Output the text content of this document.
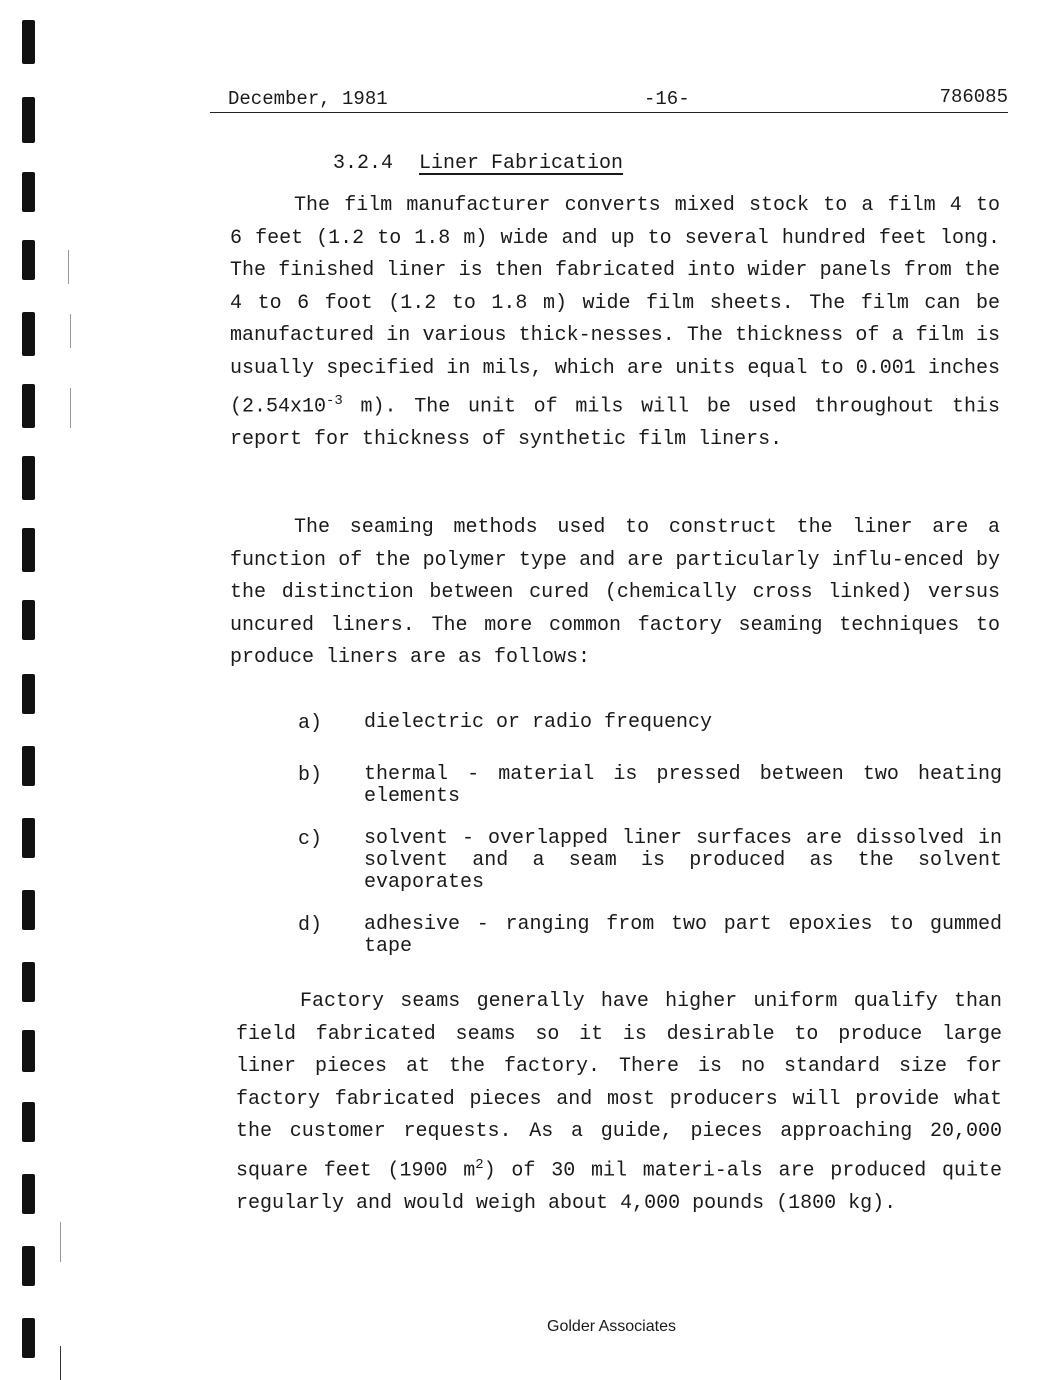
December, 1981	-16-	786085
3.2.4 Liner Fabrication

The film manufacturer converts mixed stock to a film 4 to 6 feet (1.2 to 1.8 m) wide and up to several hundred feet long. The finished liner is then fabricated into wider panels from the 4 to 6 foot (1.2 to 1.8 m) wide film sheets. The film can be manufactured in various thick-nesses. The thickness of a film is usually specified in mils, which are units equal to 0.001 inches ($2.54x10^{-3}$ m). The unit of mils will be used throughout this report for thickness of synthetic film liners.

The seaming methods used to construct the liner are a function of the polymer type and are particularly influ-enced by the distinction between cured (chemically cross linked) versus uncured liners. The more common factory seaming techniques to produce liners are as follows:

a) dielectric or radio frequency
b) thermal - material is pressed between two heating elements
c) solvent - overlapped liner surfaces are dissolved in solvent and a seam is produced as the solvent evaporates
d) adhesive - ranging from two part epoxies to gummed tape

Factory seams generally have higher uniform qualify than field fabricated seams so it is desirable to produce large liner pieces at the factory. There is no standard size for factory fabricated pieces and most producers will provide what the customer requests. As a guide, pieces approaching 20,000 square feet (1900 $m^2$) of 30 mil materi-als are produced quite regularly and would weigh about 4,000 pounds (1800 kg).

Golder Associates
